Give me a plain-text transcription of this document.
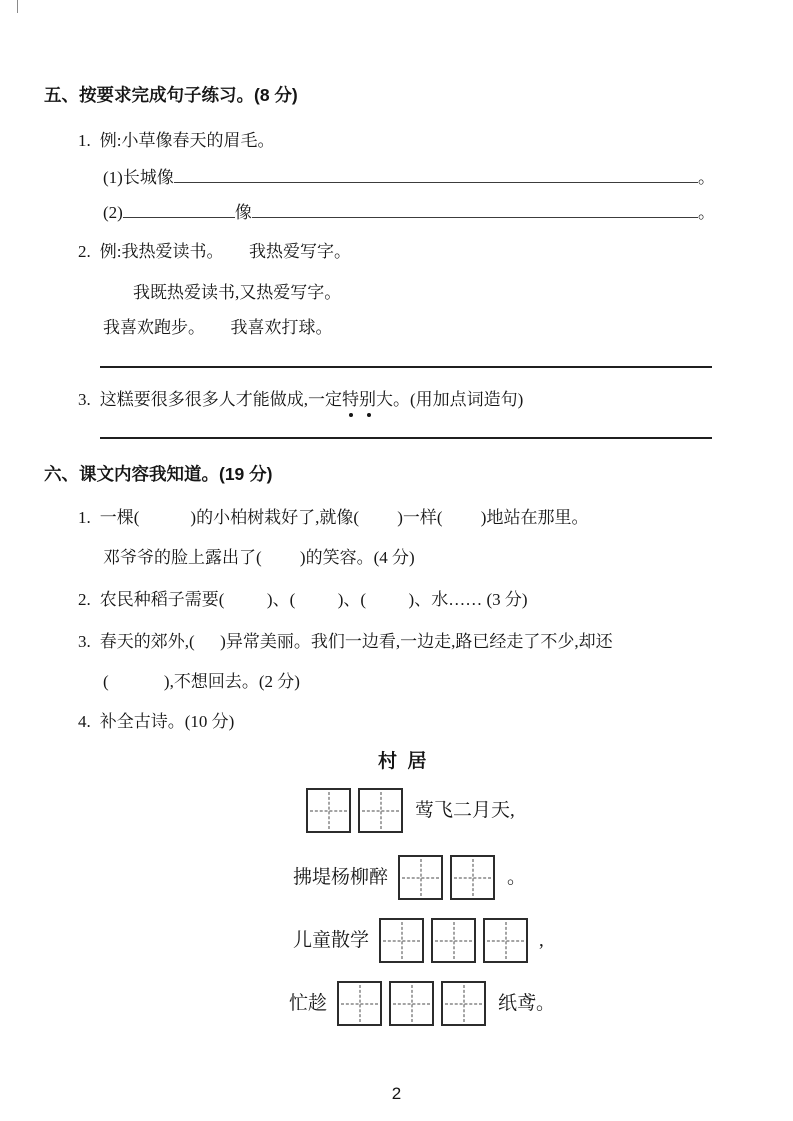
五、按要求完成句子练习。(8 分)
1. 例:小草像春天的眉毛。
(1) 长城像	。
(2)	像	。
2. 例:我热爱读书。      我热爱写字。
我既热爱读书,又热爱写字。
我喜欢跑步。      我喜欢打球。
3. 这糕要很多很多人才能做成,一定特别大。(用加点词造句)
六、课文内容我知道。(19 分)
1. 一棵(            )的小柏树栽好了,就像(         )一样(         )地站在那里。
邓爷爷的脸上露出了(         )的笑容。(4 分)
2. 农民种稻子需要(          )、(          )、(          )、水…… (3 分)
3. 春天的郊外,(      )异常美丽。我们一边看,一边走,路已经走了不少,却还
(             ),不想回去。(2 分)
4. 补全古诗。(10 分)
村  居
莺飞二月天,
拂堤杨柳醉	。
儿童散学	,
忙趁	纸鸢。
2
